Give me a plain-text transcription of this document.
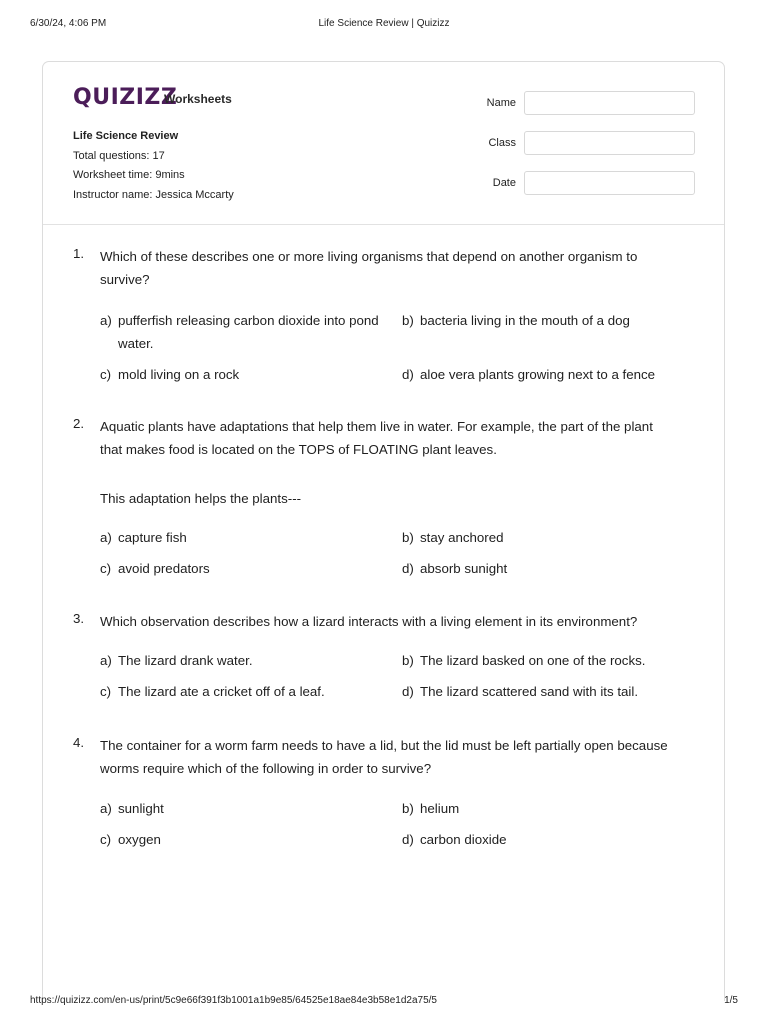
6/30/24, 4:06 PM	Life Science Review | Quizizz
QUIZIZZ
Worksheets
Life Science Review
Total questions: 17
Worksheet time: 9mins
Instructor name: Jessica Mccarty
Name
Class
Date
1. Which of these describes one or more living organisms that depend on another organism to survive?
a) pufferfish releasing carbon dioxide into pond water.
b) bacteria living in the mouth of a dog
c) mold living on a rock	d) aloe vera plants growing next to a fence
2. Aquatic plants have adaptations that help them live in water. For example, the part of the plant that makes food is located on the TOPS of FLOATING plant leaves.
This adaptation helps the plants---
a) capture fish	b) stay anchored
c) avoid predators	d) absorb sunight
3. Which observation describes how a lizard interacts with a living element in its environment?
a) The lizard drank water.	b) The lizard basked on one of the rocks.
c) The lizard ate a cricket off of a leaf.	d) The lizard scattered sand with its tail.
4. The container for a worm farm needs to have a lid, but the lid must be left partially open because worms require which of the following in order to survive?
a) sunlight	b) helium
c) oxygen	d) carbon dioxide
https://quizizz.com/en-us/print/5c9e66f391f3b1001a1b9e85/64525e18ae84e3b58e1d2a75/5	1/5
